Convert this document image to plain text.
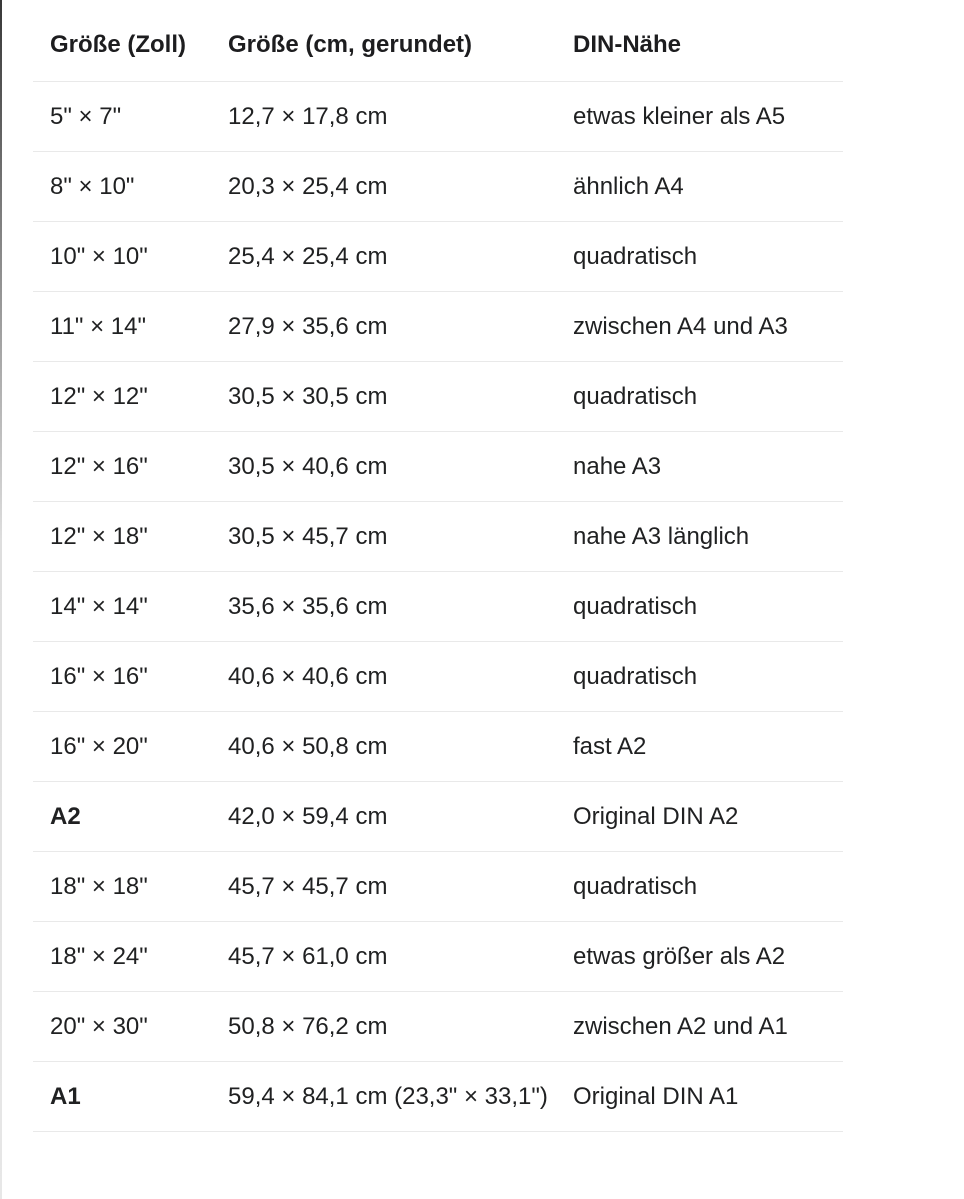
Größe (Zoll)	Größe (cm, gerundet)	DIN-Nähe
5" × 7"	12,7 × 17,8 cm	etwas kleiner als A5
8" × 10"	20,3 × 25,4 cm	ähnlich A4
10" × 10"	25,4 × 25,4 cm	quadratisch
11" × 14"	27,9 × 35,6 cm	zwischen A4 und A3
12" × 12"	30,5 × 30,5 cm	quadratisch
12" × 16"	30,5 × 40,6 cm	nahe A3
12" × 18"	30,5 × 45,7 cm	nahe A3 länglich
14" × 14"	35,6 × 35,6 cm	quadratisch
16" × 16"	40,6 × 40,6 cm	quadratisch
16" × 20"	40,6 × 50,8 cm	fast A2
A2	42,0 × 59,4 cm	Original DIN A2
18" × 18"	45,7 × 45,7 cm	quadratisch
18" × 24"	45,7 × 61,0 cm	etwas größer als A2
20" × 30"	50,8 × 76,2 cm	zwischen A2 und A1
A1	59,4 × 84,1 cm (23,3" × 33,1")	Original DIN A1
